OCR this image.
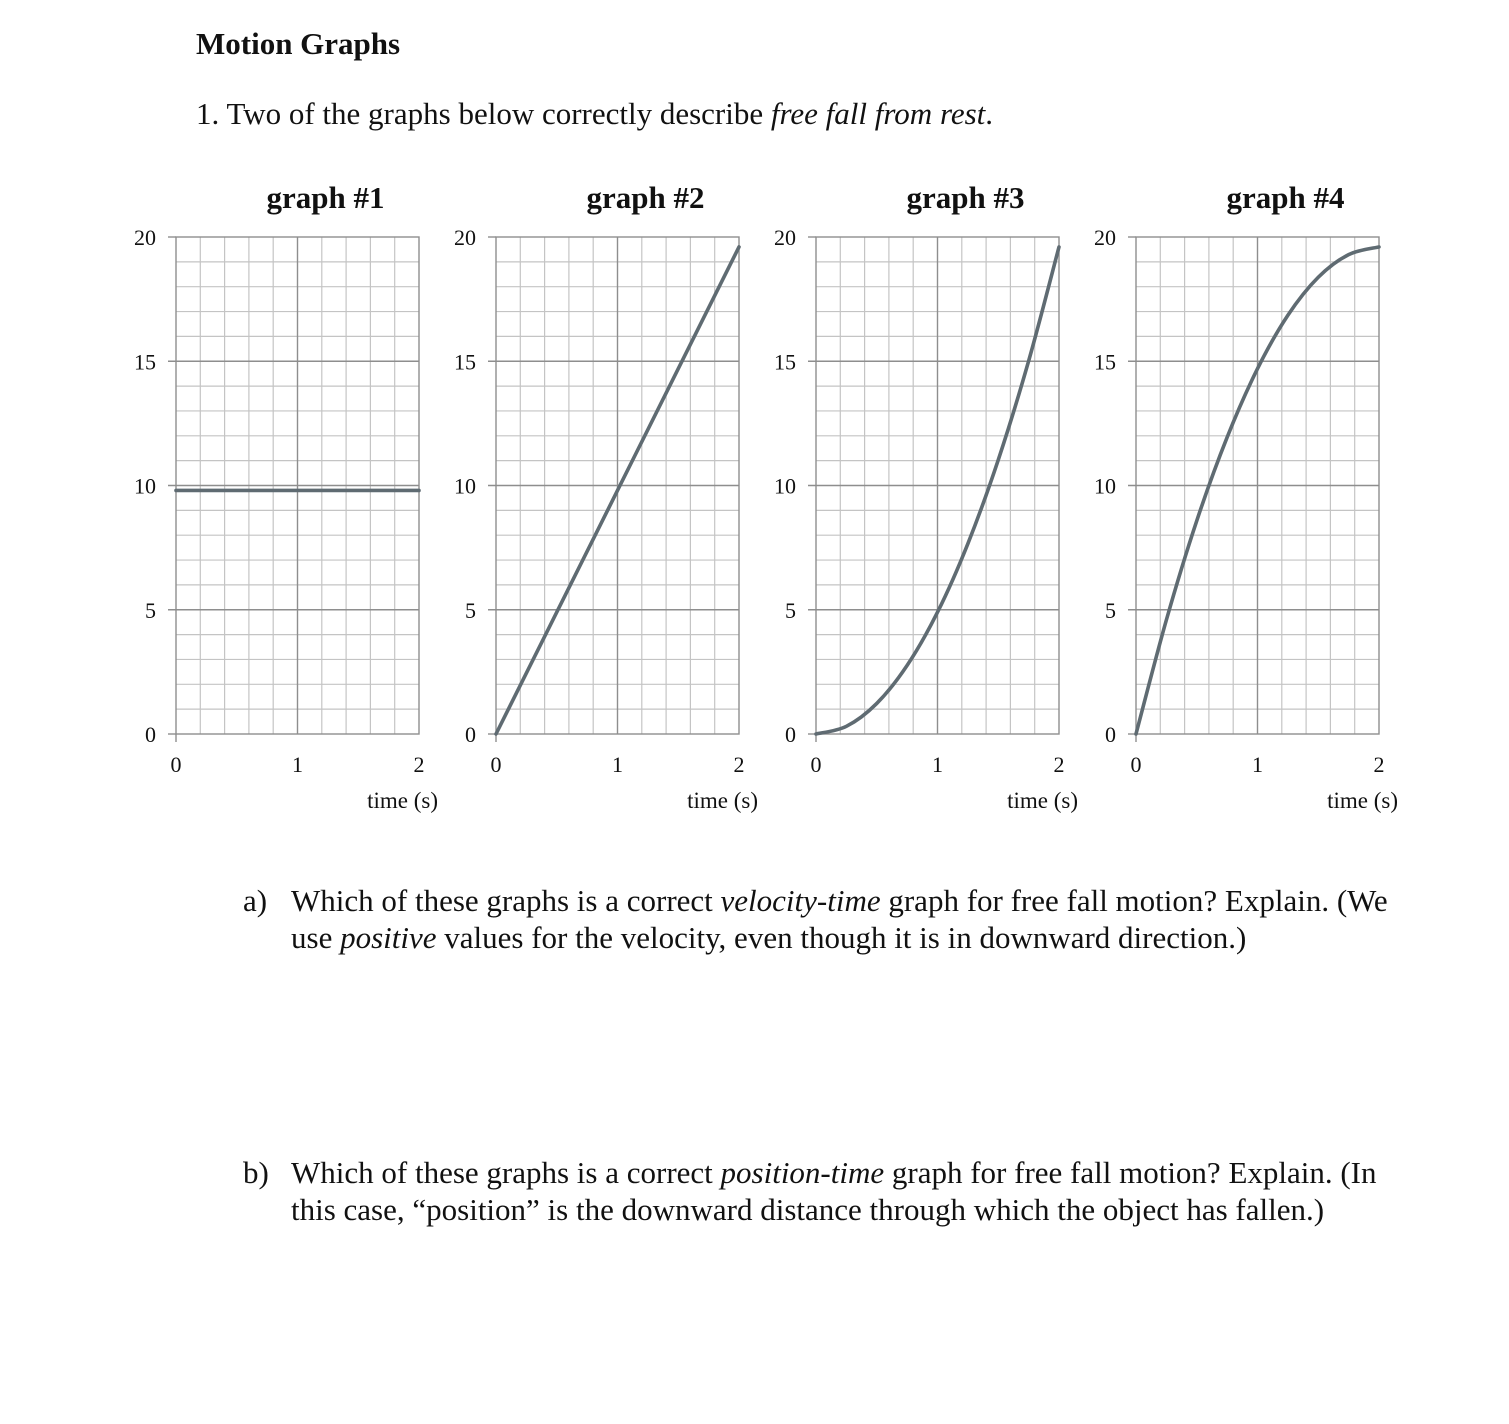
Motion Graphs

1. Two of the graphs below correctly describe free fall from rest.

graph #1
0
5
10
15
20
0	1	2
time (s)
graph #2
0
5
10
15
20
0	1	2
time (s)
graph #3
0
5
10
15
20
0	1	2
time (s)
graph #4
0
5
10
15
20
0	1	2
time (s)
a) Which of these graphs is a correct velocity-time graph for free fall motion? Explain. (We use positive values for the velocity, even though it is in downward direction.)
b) Which of these graphs is a correct position-time graph for free fall motion? Explain. (In this case, “position” is the downward distance through which the object has fallen.)
